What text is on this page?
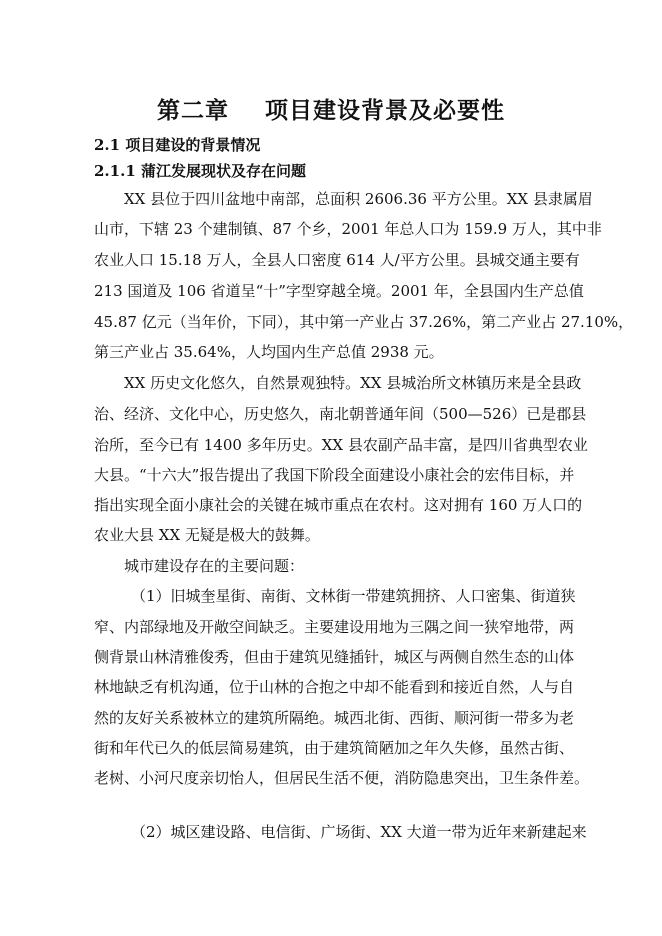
第二章    项目建设背景及必要性
2.1 项目建设的背景情况
2.1.1 蒲江发展现状及存在问题
XX 县位于四川盆地中南部，总面积 2606.36 平方公里。XX 县隶属眉
山市，下辖 23 个建制镇、87 个乡，2001 年总人口为 159.9 万人，其中非
农业人口 15.18 万人，全县人口密度 614 人/平方公里。县城交通主要有
213 国道及 106 省道呈“十”字型穿越全境。2001 年，全县国内生产总值
45.87 亿元（当年价，下同），其中第一产业占 37.26%，第二产业占 27.10%，
第三产业占 35.64%，人均国内生产总值 2938 元。
XX 历史文化悠久，自然景观独特。XX 县城治所文林镇历来是全县政
治、经济、文化中心，历史悠久，南北朝普通年间（500—526）已是郡县
治所，至今已有 1400 多年历史。XX 县农副产品丰富，是四川省典型农业
大县。“十六大”报告提出了我国下阶段全面建设小康社会的宏伟目标，并
指出实现全面小康社会的关键在城市重点在农村。这对拥有 160 万人口的
农业大县 XX 无疑是极大的鼓舞。
城市建设存在的主要问题：
（1）旧城奎星街、南街、文林街一带建筑拥挤、人口密集、街道狭
窄、内部绿地及开敞空间缺乏。主要建设用地为三隅之间一狭窄地带，两
侧背景山林清雅俊秀，但由于建筑见缝插针，城区与两侧自然生态的山体
林地缺乏有机沟通，位于山林的合抱之中却不能看到和接近自然，人与自
然的友好关系被林立的建筑所隔绝。城西北街、西街、顺河街一带多为老
街和年代已久的低层简易建筑，由于建筑简陋加之年久失修，虽然古街、
老树、小河尺度亲切怡人，但居民生活不便，消防隐患突出，卫生条件差。
（2）城区建设路、电信街、广场街、XX 大道一带为近年来新建起来
